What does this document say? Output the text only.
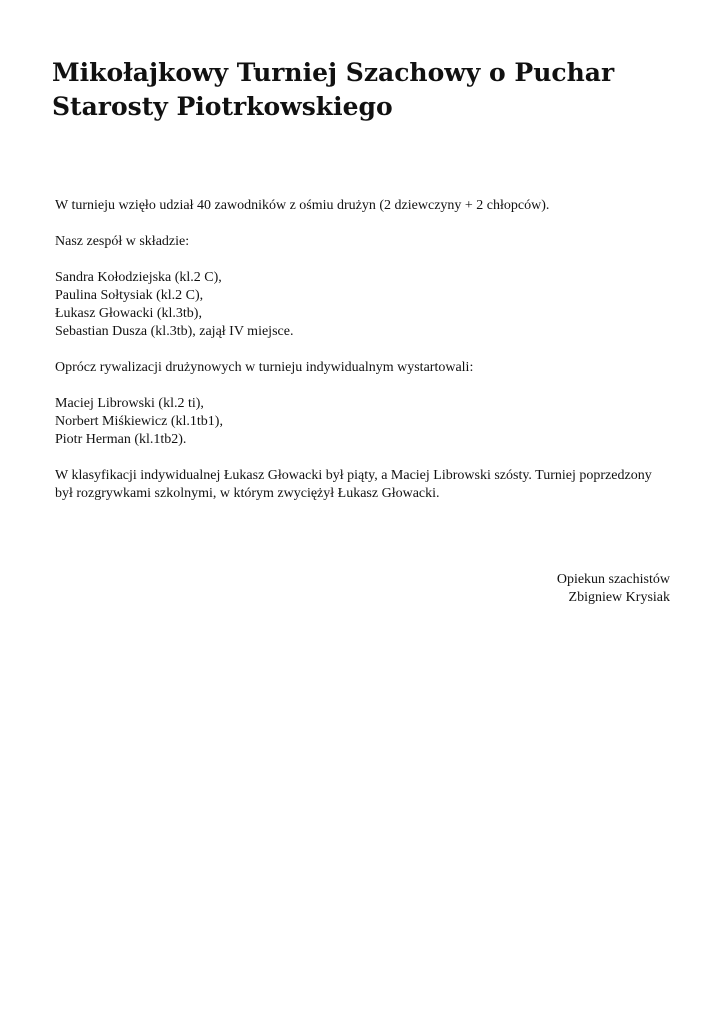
Mikołajkowy Turniej Szachowy o Puchar Starosty Piotrkowskiego

W turnieju wzięło udział 40 zawodników z ośmiu drużyn (2 dziewczyny + 2 chłopców).

Nasz zespół w składzie:

Sandra Kołodziejska (kl.2 C),
Paulina Sołtysiak (kl.2 C),
Łukasz Głowacki (kl.3tb),
Sebastian Dusza (kl.3tb), zajął IV miejsce.

Oprócz rywalizacji drużynowych w turnieju indywidualnym wystartowali:

Maciej Librowski (kl.2 ti),
Norbert Miśkiewicz (kl.1tb1),
Piotr Herman (kl.1tb2).

W klasyfikacji indywidualnej Łukasz Głowacki był piąty, a Maciej Librowski szósty. Turniej poprzedzony był rozgrywkami szkolnymi, w którym zwyciężył Łukasz Głowacki.

Opiekun szachistów
Zbigniew Krysiak
